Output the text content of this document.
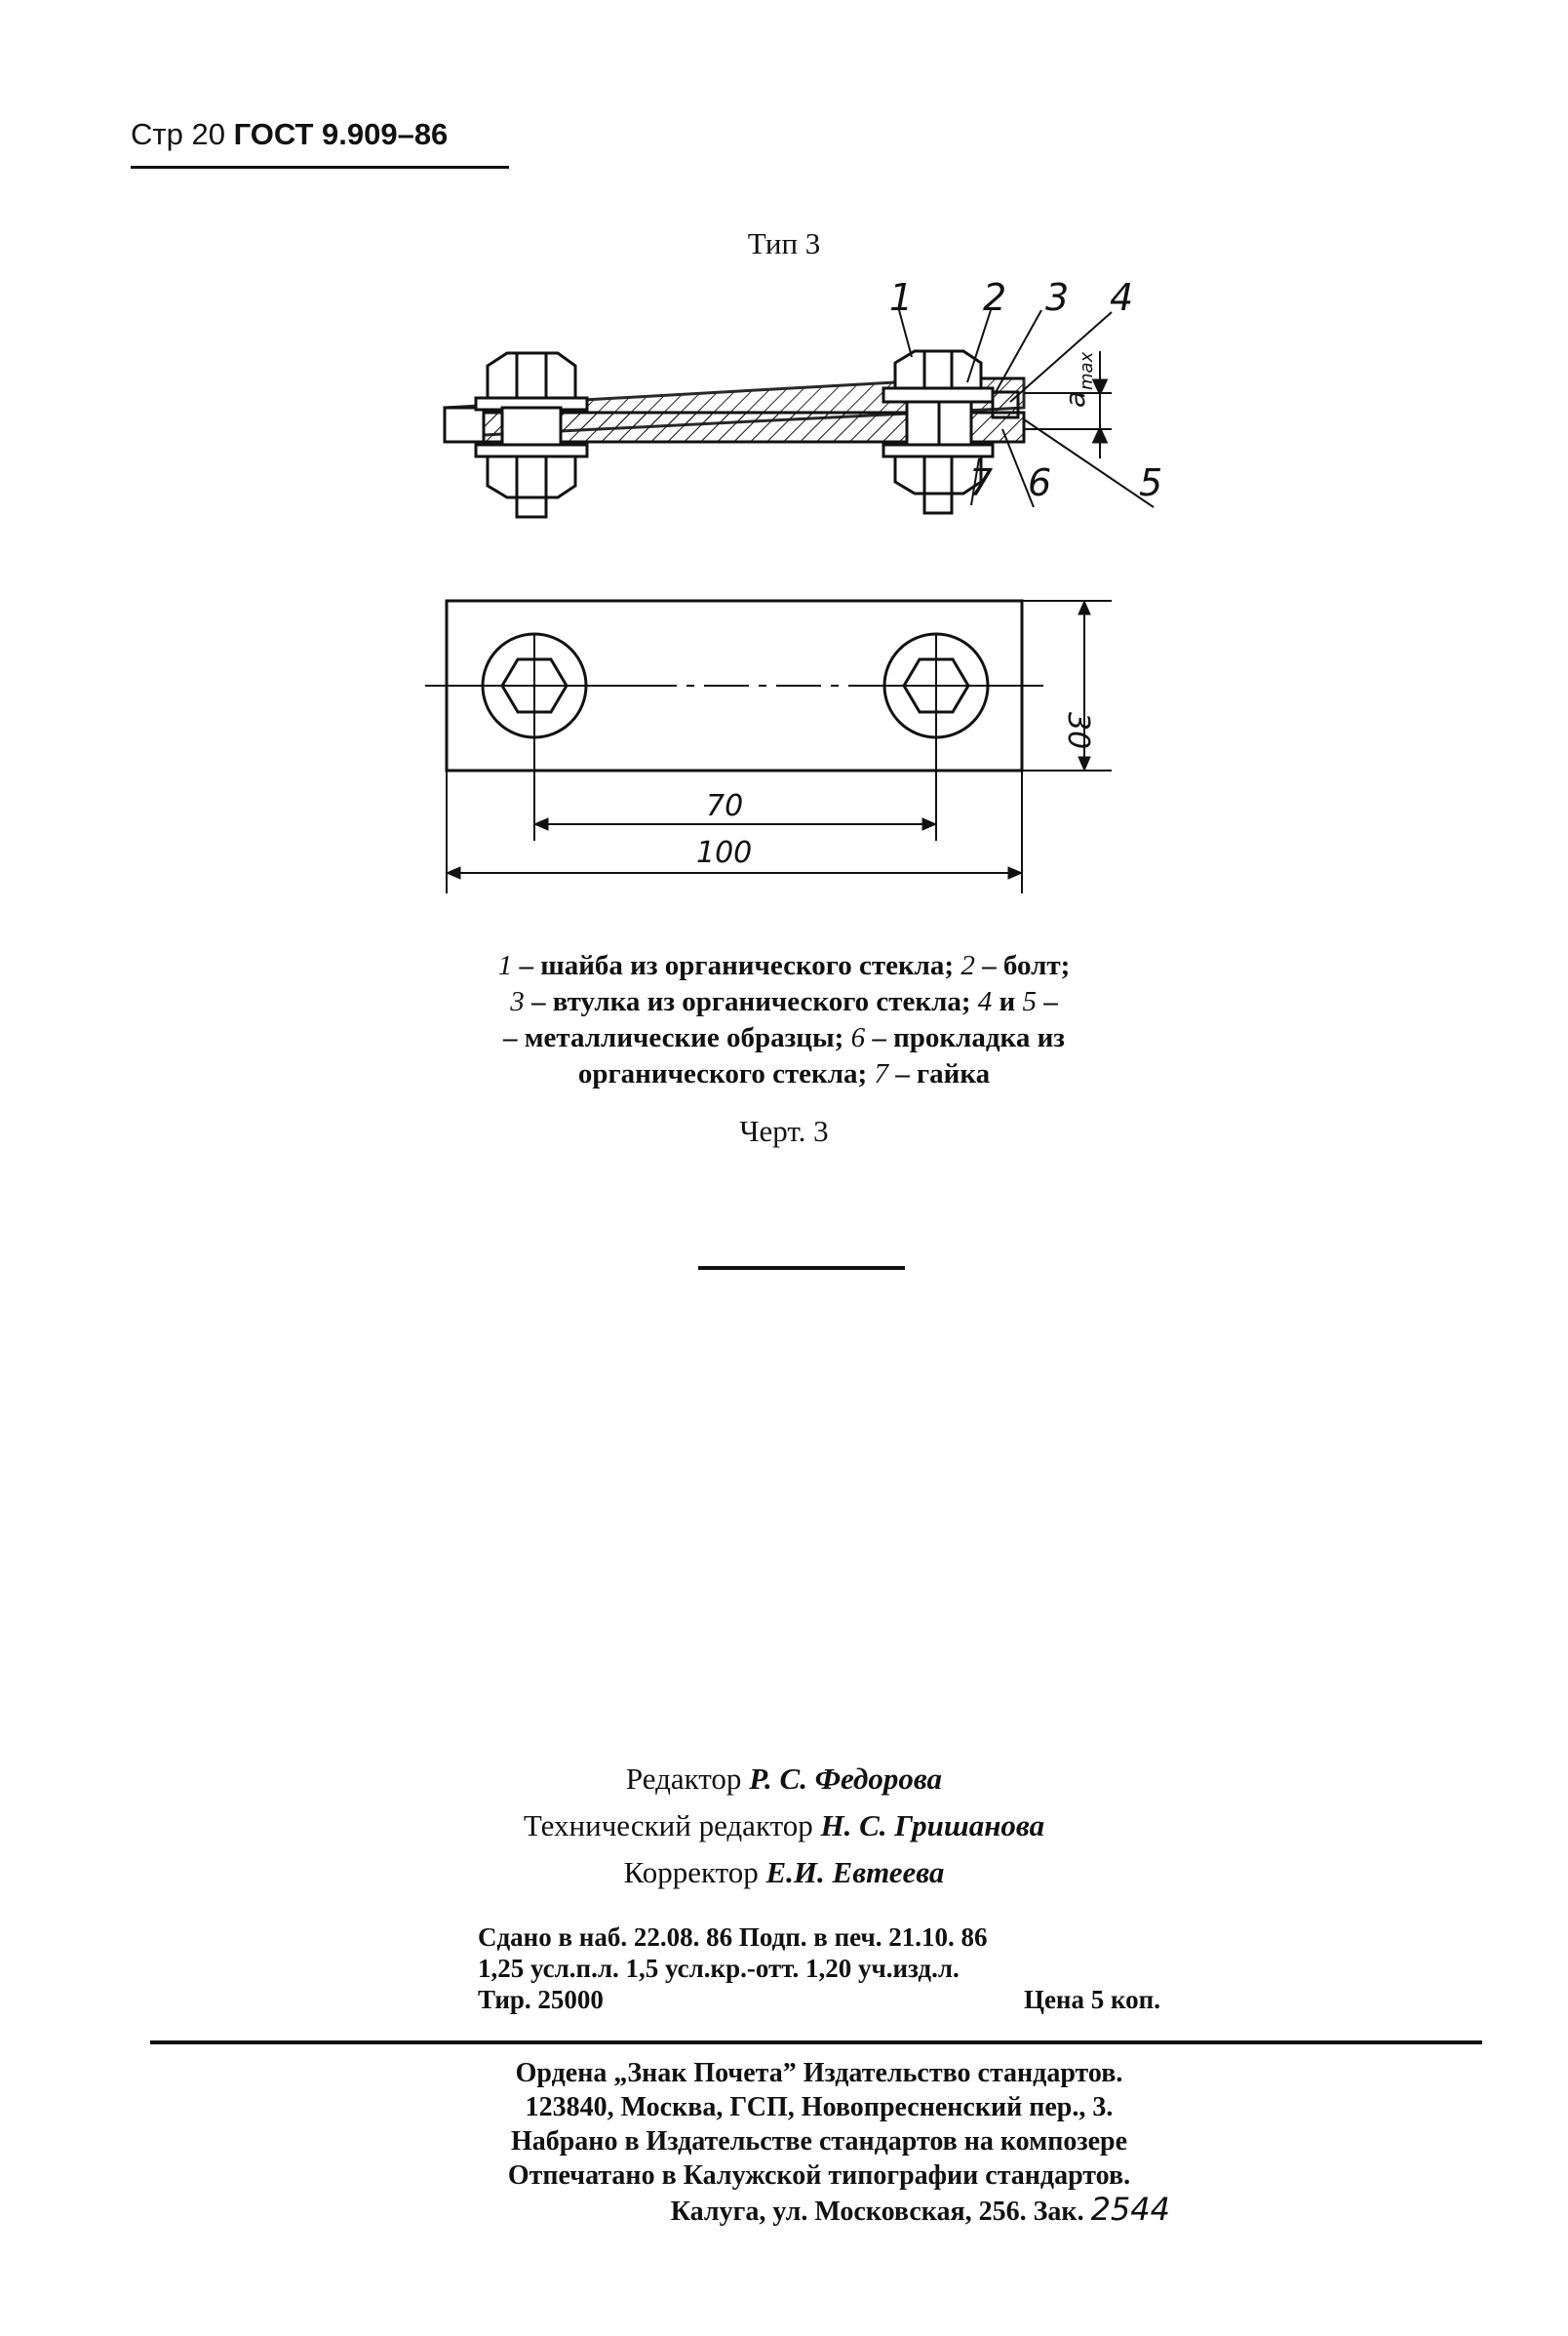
Стр 20 ГОСТ 9.909–86
Тип 3
1 2 3 4
5
6
7
a
max
70
100
30
1 – шайба из органического стекла; 2 – болт;
3 – втулка из органического стекла; 4 и 5 –
– металлические образцы; 6 – прокладка из
органического стекла; 7 – гайка
Черт. 3
Редактор Р. С. Федорова
Технический редактор Н. С. Гришанова
Корректор Е.И. Евтеева
Сдано в наб. 22.08. 86 Подп. в печ. 21.10. 86
1,25 усл.п.л. 1,5 усл.кр.-отт. 1,20 уч.изд.л.
Тир. 25000	Цена 5 коп.
Ордена „Знак Почета” Издательство стандартов.
123840, Москва, ГСП, Новопресненский пер., 3.
Набрано в Издательстве стандартов на композере
Отпечатано в Калужской типографии стандартов.
Калуга, ул. Московская, 256. Зак. 2544
